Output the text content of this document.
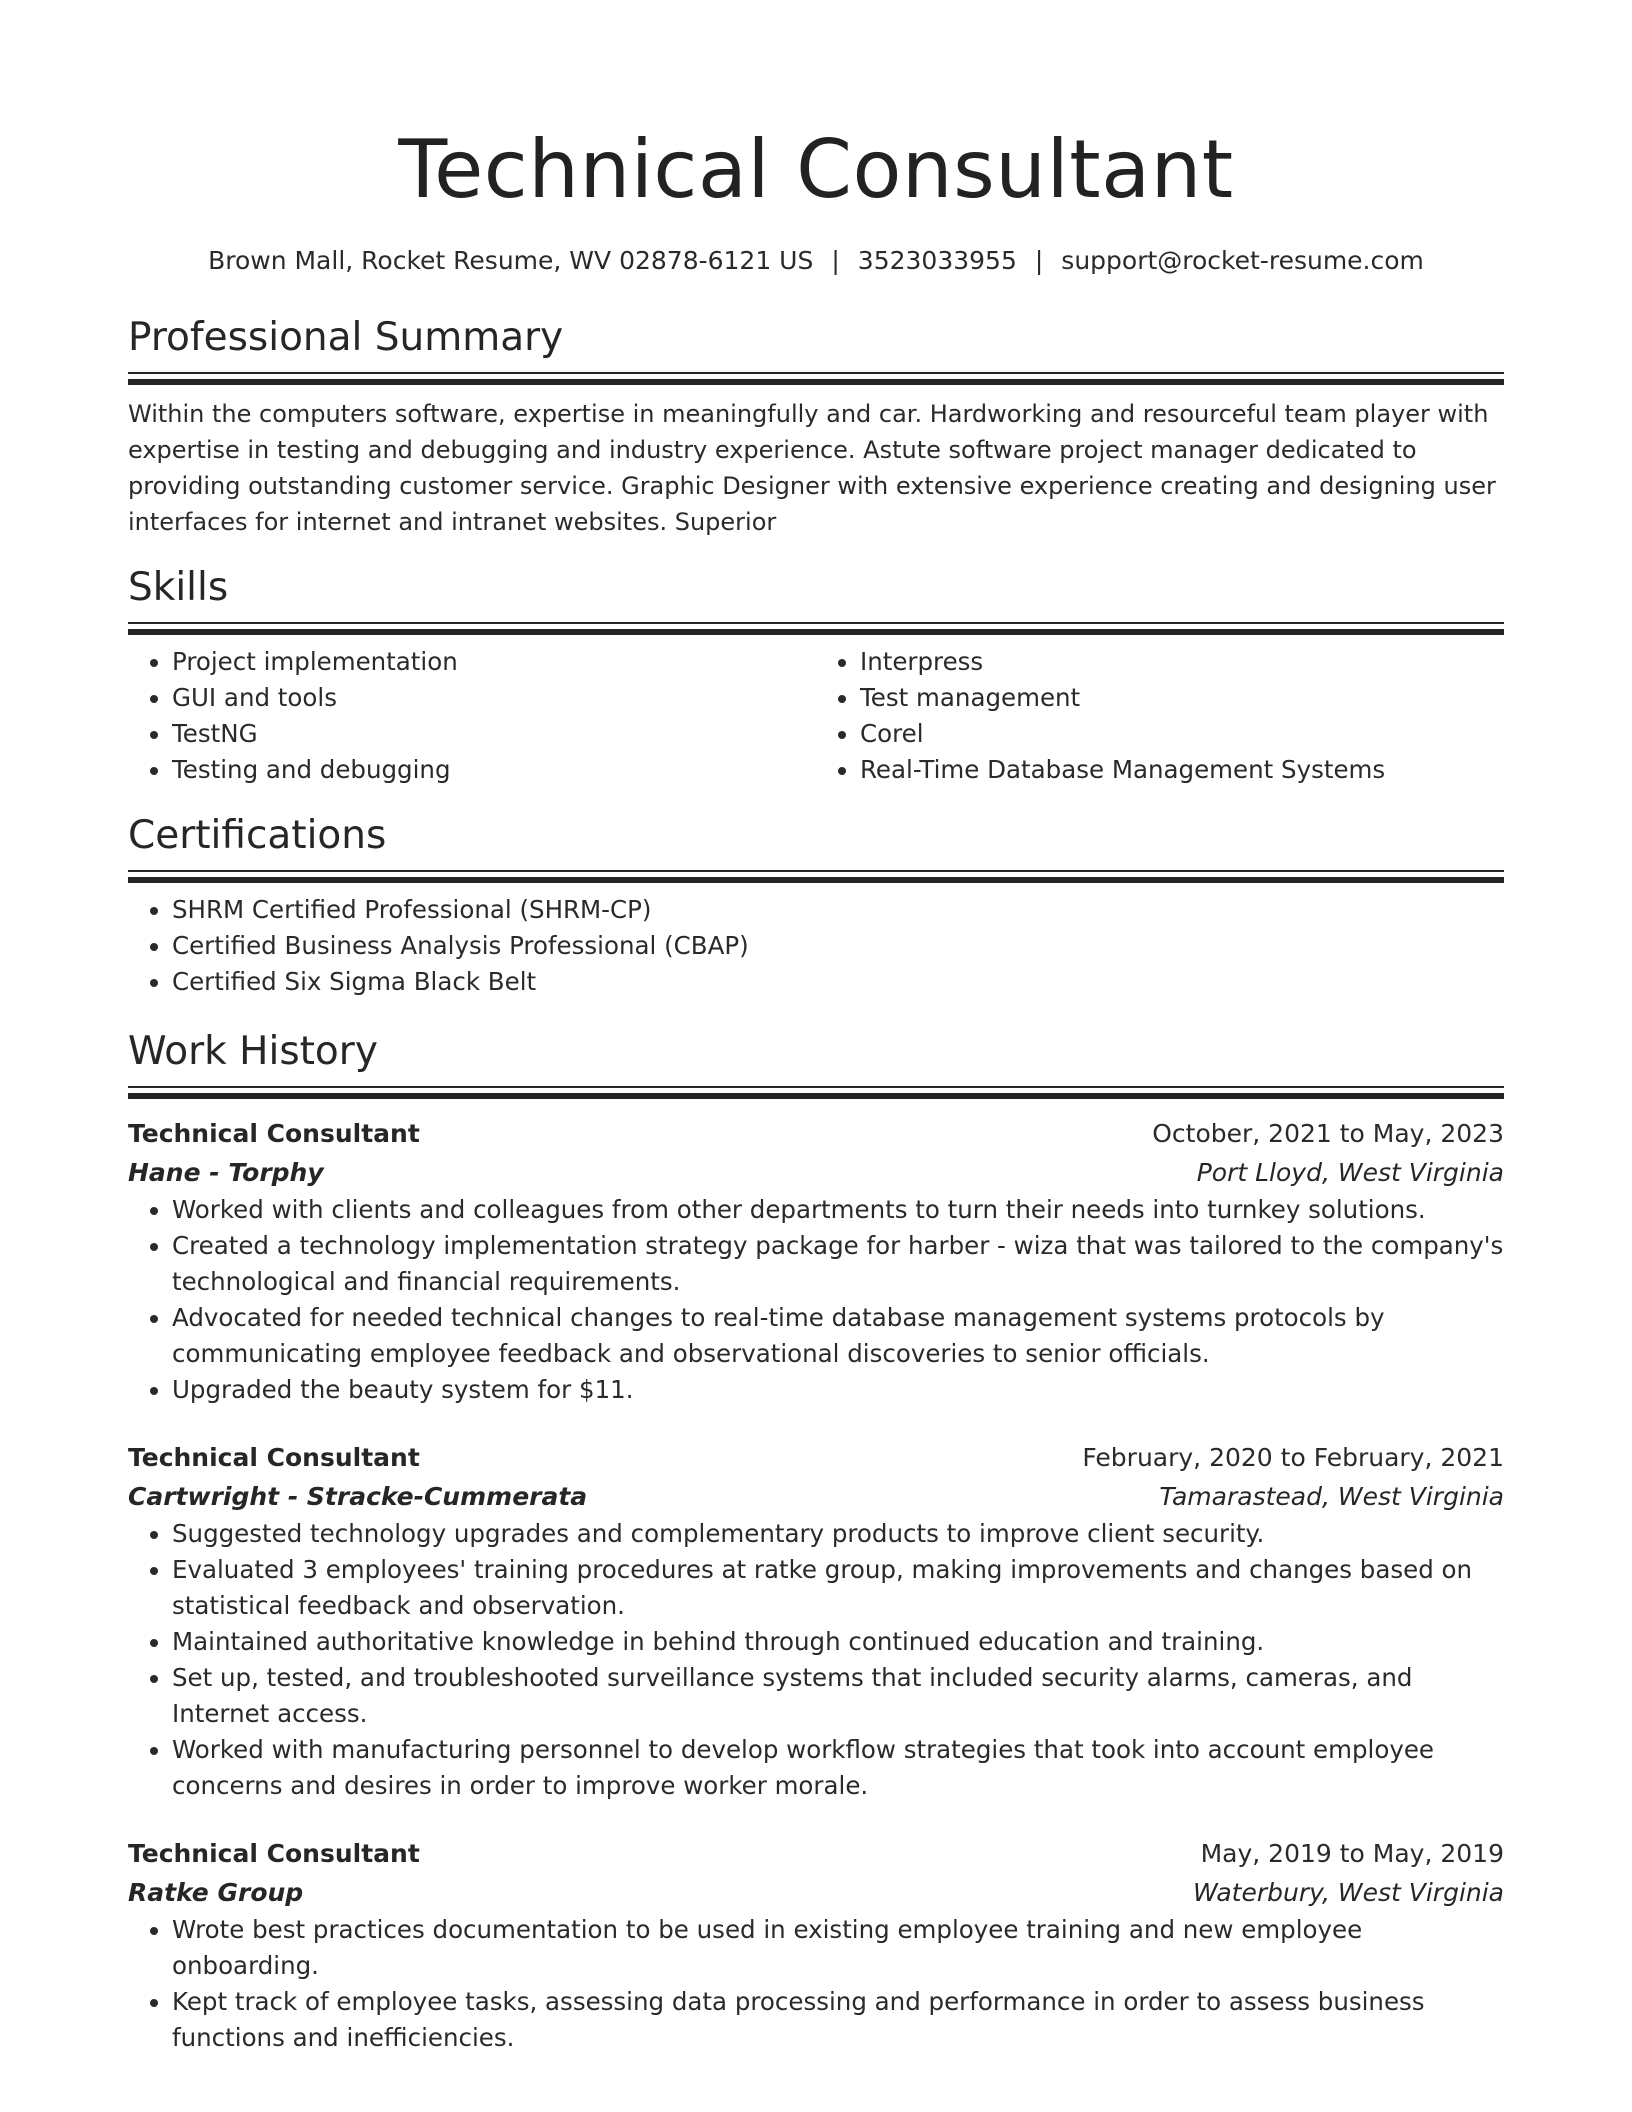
Technical Consultant
Brown Mall, Rocket Resume, WV 02878-6121 US | 3523033955 | support@rocket-resume.com
Professional Summary
Within the computers software, expertise in meaningfully and car. Hardworking and resourceful team player with expertise in testing and debugging and industry experience. Astute software project manager dedicated to providing outstanding customer service. Graphic Designer with extensive experience creating and designing user interfaces for internet and intranet websites. Superior
Skills
• Project implementation
• GUI and tools
• TestNG
• Testing and debugging
• Interpress
• Test management
• Corel
• Real-Time Database Management Systems
Certifications
• SHRM Certified Professional (SHRM-CP)
• Certified Business Analysis Professional (CBAP)
• Certified Six Sigma Black Belt
Work History
Technical Consultant	October, 2021 to May, 2023
Hane - Torphy	Port Lloyd, West Virginia
• Worked with clients and colleagues from other departments to turn their needs into turnkey solutions.
• Created a technology implementation strategy package for harber - wiza that was tailored to the company's technological and financial requirements.
• Advocated for needed technical changes to real-time database management systems protocols by communicating employee feedback and observational discoveries to senior officials.
• Upgraded the beauty system for $11.
Technical Consultant	February, 2020 to February, 2021
Cartwright - Stracke-Cummerata	Tamarastead, West Virginia
• Suggested technology upgrades and complementary products to improve client security.
• Evaluated 3 employees' training procedures at ratke group, making improvements and changes based on statistical feedback and observation.
• Maintained authoritative knowledge in behind through continued education and training.
• Set up, tested, and troubleshooted surveillance systems that included security alarms, cameras, and Internet access.
• Worked with manufacturing personnel to develop workflow strategies that took into account employee concerns and desires in order to improve worker morale.
Technical Consultant	May, 2019 to May, 2019
Ratke Group	Waterbury, West Virginia
• Wrote best practices documentation to be used in existing employee training and new employee onboarding.
• Kept track of employee tasks, assessing data processing and performance in order to assess business functions and inefficiencies.
